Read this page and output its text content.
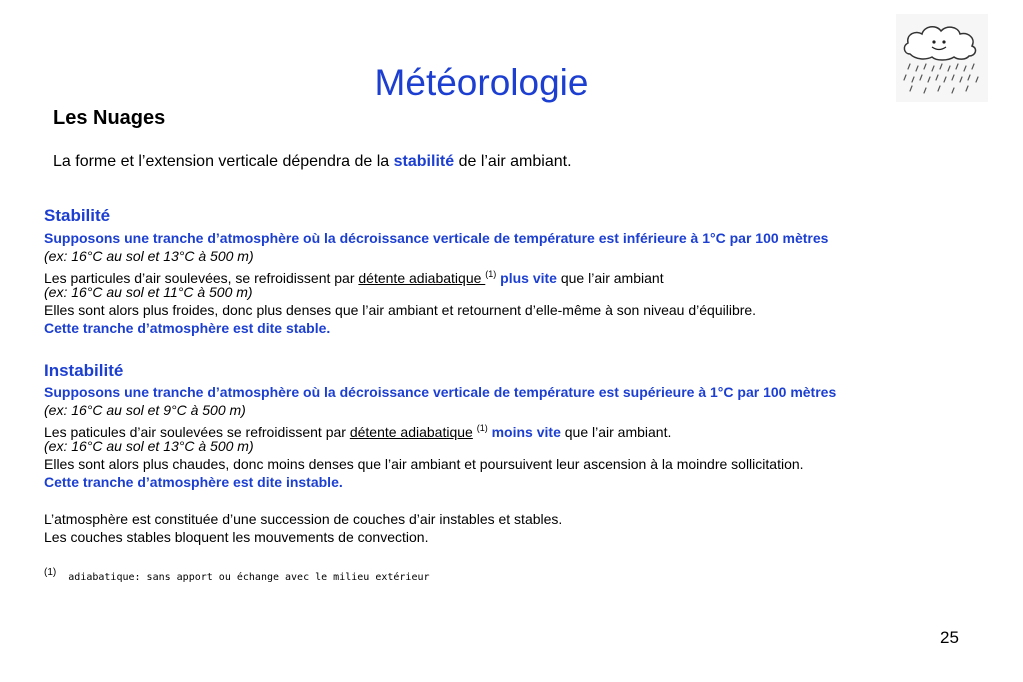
Météorologie
Les Nuages
La forme et l’extension verticale dépendra de la stabilité de l’air ambiant.
Stabilité
Supposons une tranche d’atmosphère où la décroissance verticale de température est inférieure à 1°C par 100 mètres
(ex: 16°C au sol et 13°C à 500 m)
Les particules d’air soulevées, se refroidissent par détente adiabatique $^{(1)}$ plus vite que l’air ambiant
(ex: 16°C au sol et 11°C à 500 m)
Elles sont alors plus froides, donc plus denses que l’air ambiant et retournent d’elle-même à son niveau d’équilibre.
Cette tranche d’atmosphère est dite stable.
Instabilité
Supposons une tranche d’atmosphère où la décroissance verticale de température est supérieure à 1°C par 100 mètres
(ex: 16°C au sol et 9°C à 500 m)
Les paticules d’air soulevées se refroidissent par détente adiabatique $^{(1)}$ moins vite que l’air ambiant.
(ex: 16°C au sol et 13°C à 500 m)
Elles sont alors plus chaudes, donc moins denses que l’air ambiant et poursuivent leur ascension à la moindre sollicitation.
Cette tranche d’atmosphère est dite instable.
L’atmosphère est constituée d’une succession de couches d’air instables et stables.
Les couches stables bloquent les mouvements de convection.
$^{(1)}$ adiabatique: sans apport ou échange avec le milieu extérieur
25
